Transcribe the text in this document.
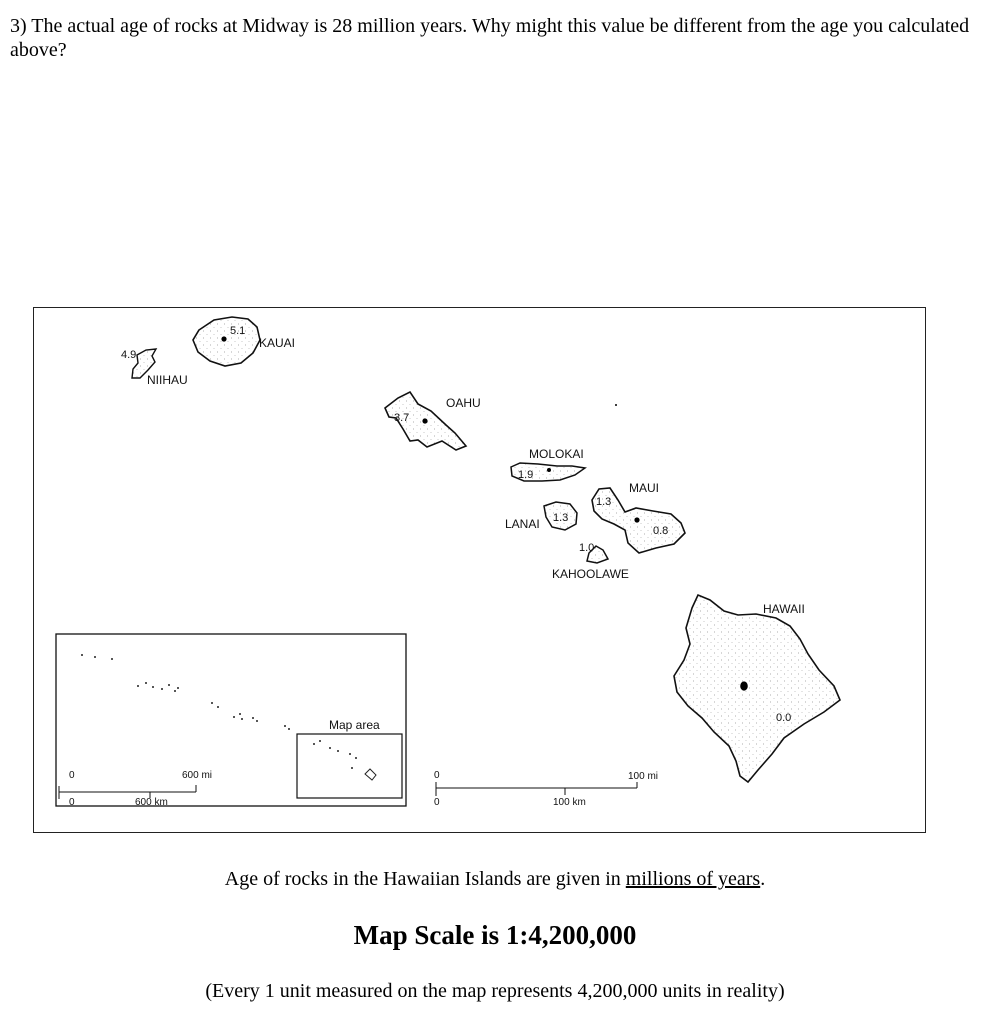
3) The actual age of rocks at Midway is 28 million years. Why might this value be different from the age you calculated above?
4.9
NIIHAU
5.1
KAUAI
3.7
OAHU
1.9
MOLOKAI
1.3
LANAI
1.3
0.8
MAUI
1.0
KAHOOLAWE
0.0
HAWAII
Map area
0
0
600 mi
600 km
0
0
100 mi
100 km
Age of rocks in the Hawaiian Islands are given in millions of years.
Map Scale is 1:4,200,000
(Every 1 unit measured on the map represents 4,200,000 units in reality)
